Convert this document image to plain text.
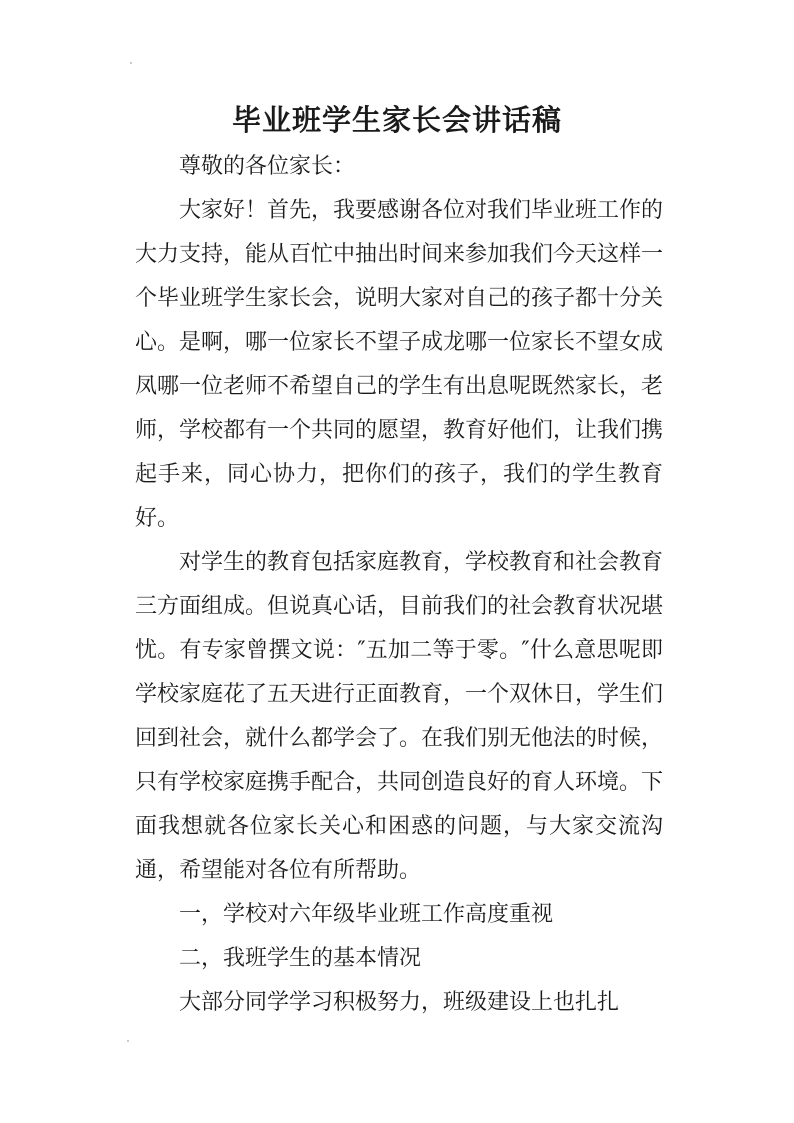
毕业班学生家长会讲话稿

尊敬的各位家长：

大家好！首先，我要感谢各位对我们毕业班工作的大力支持，能从百忙中抽出时间来参加我们今天这样一个毕业班学生家长会，说明大家对自己的孩子都十分关心。是啊，哪一位家长不望子成龙哪一位家长不望女成凤哪一位老师不希望自己的学生有出息呢既然家长，老师，学校都有一个共同的愿望，教育好他们，让我们携起手来，同心协力，把你们的孩子，我们的学生教育好。

对学生的教育包括家庭教育，学校教育和社会教育三方面组成。但说真心话，目前我们的社会教育状况堪忧。有专家曾撰文说：″五加二等于零。″什么意思呢即学校家庭花了五天进行正面教育，一个双休日，学生们回到社会，就什么都学会了。在我们别无他法的时候，只有学校家庭携手配合，共同创造良好的育人环境。下面我想就各位家长关心和困惑的问题，与大家交流沟通，希望能对各位有所帮助。

一，学校对六年级毕业班工作高度重视

二，我班学生的基本情况

大部分同学学习积极努力，班级建设上也扎扎
